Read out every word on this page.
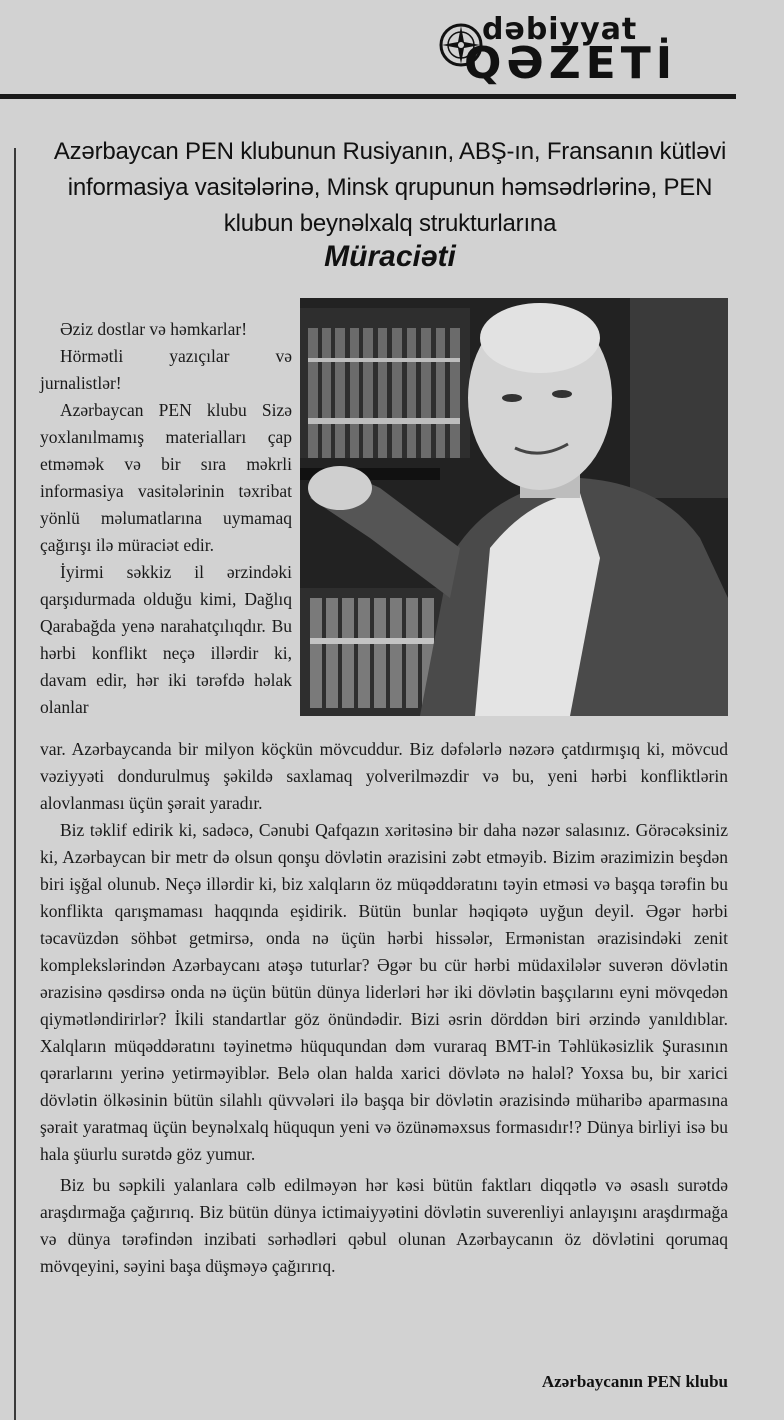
dəbiyyat
QƏZETİ
Azərbaycan PEN klubunun Rusiyanın, ABŞ-ın, Fransanın kütləvi informasiya vasitələrinə, Minsk qrupunun həmsədrlərinə, PEN klubun beynəlxalq strukturlarına
Müraciəti

Əziz dostlar və həmkarlar!

Hörmətli yazıçılar və jurnalistlər!

Azərbaycan PEN klubu Sizə yoxlanılmamış materialları çap etməmək və bir sıra məkrli informasiya vasitələrinin təxribat yönlü məlumatlarına uymamaq çağırışı ilə müraciət edir.

İyirmi səkkiz il ərzindəki qarşıdurmada olduğu kimi, Dağlıq Qarabağda yenə narahatçılıqdır. Bu hərbi konflikt neçə illərdir ki, davam edir, hər iki tərəfdə həlak olanlar

var. Azərbaycanda bir milyon köçkün mövcuddur. Biz dəfələrlə nəzərə çatdırmışıq ki, mövcud vəziyyəti dondurulmuş şəkildə saxlamaq yolverilməzdir və bu, yeni hərbi konfliktlərin alovlanması üçün şərait yaradır.

Biz təklif edirik ki, sadəcə, Cənubi Qafqazın xəritəsinə bir daha nəzər salasınız. Görəcəksiniz ki, Azərbaycan bir metr də olsun qonşu dövlətin ərazisini zəbt etməyib. Bizim ərazimizin beşdən biri işğal olunub. Neçə illərdir ki, biz xalqların öz müqəddəratını təyin etməsi və başqa tərəfin bu konflikta qarışmaması haqqında eşidirik. Bütün bunlar həqiqətə uyğun deyil. Əgər hərbi təcavüzdən söhbət getmirsə, onda nə üçün hərbi hissələr, Ermənistan ərazisindəki zenit komplekslərindən Azərbaycanı atəşə tuturlar? Əgər bu cür hərbi müdaxilələr suverən dövlətin ərazisinə qəsdirsə onda nə üçün bütün dünya liderləri hər iki dövlətin başçılarını eyni mövqedən qiymətləndirirlər? İkili standartlar göz önündədir. Bizi əsrin dörddən biri ərzində yanıldıblar. Xalqların müqəddəratını təyinetmə hüququndan dəm vuraraq BMT-in Təhlükəsizlik Şurasının qərarlarını yerinə yetirməyiblər. Belə olan halda xarici dövlətə nə haləl? Yoxsa bu, bir xarici dövlətin ölkəsinin bütün silahlı qüvvələri ilə başqa bir dövlətin ərazisində müharibə aparmasına şərait yaratmaq üçün beynəlxalq hüququn yeni və özünəməxsus formasıdır!? Dünya birliyi isə bu hala şüurlu surətdə göz yumur.

Biz bu səpkili yalanlara cəlb edilməyən hər kəsi bütün faktları diqqətlə və əsaslı surətdə araşdırmağa çağırırıq. Biz bütün dünya ictimaiyyətini dövlətin suverenliyi anlayışını araşdırmağa və dünya tərəfindən inzibati sərhədləri qəbul olunan Azərbaycanın öz dövlətini qorumaq mövqeyini, səyini başa düşməyə çağırırıq.

Azərbaycanın PEN klubu
